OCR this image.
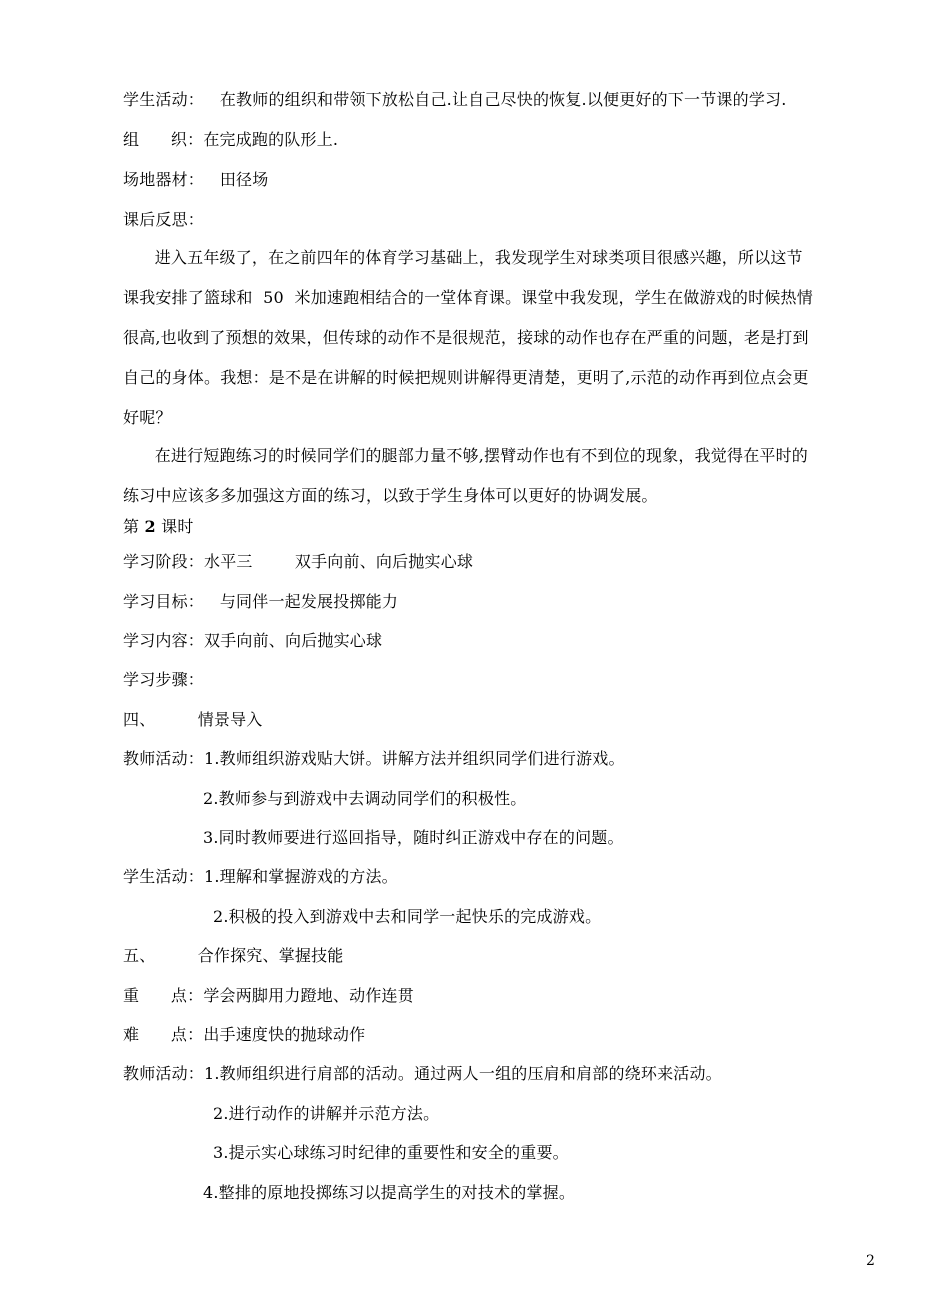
学生活动：   在教师的组织和带领下放松自己.让自己尽快的恢复.以便更好的下一节课的学习.
组      织：在完成跑的队形上.
场地器材：   田径场
课后反思：
进入五年级了，在之前四年的体育学习基础上，我发现学生对球类项目很感兴趣，所以这节
课我安排了篮球和  50  米加速跑相结合的一堂体育课。课堂中我发现，学生在做游戏的时候热情
很高,也收到了预想的效果，但传球的动作不是很规范，接球的动作也存在严重的问题，老是打到
自己的身体。我想：是不是在讲解的时候把规则讲解得更清楚，更明了,示范的动作再到位点会更
好呢？
在进行短跑练习的时候同学们的腿部力量不够,摆臂动作也有不到位的现象，我觉得在平时的
练习中应该多多加强这方面的练习，以致于学生身体可以更好的协调发展。
第 2 课时
学习阶段：水平三        双手向前、向后抛实心球
学习目标：   与同伴一起发展投掷能力
学习内容：双手向前、向后抛实心球
学习步骤：
四、        情景导入
教师活动：1.教师组织游戏贴大饼。讲解方法并组织同学们进行游戏。
2.教师参与到游戏中去调动同学们的积极性。
3.同时教师要进行巡回指导，随时纠正游戏中存在的问题。
学生活动：1.理解和掌握游戏的方法。
2.积极的投入到游戏中去和同学一起快乐的完成游戏。
五、        合作探究、掌握技能
重      点：学会两脚用力蹬地、动作连贯
难      点：出手速度快的抛球动作
教师活动：1.教师组织进行肩部的活动。通过两人一组的压肩和肩部的绕环来活动。
2.进行动作的讲解并示范方法。
3.提示实心球练习时纪律的重要性和安全的重要。
4.整排的原地投掷练习以提高学生的对技术的掌握。
2
